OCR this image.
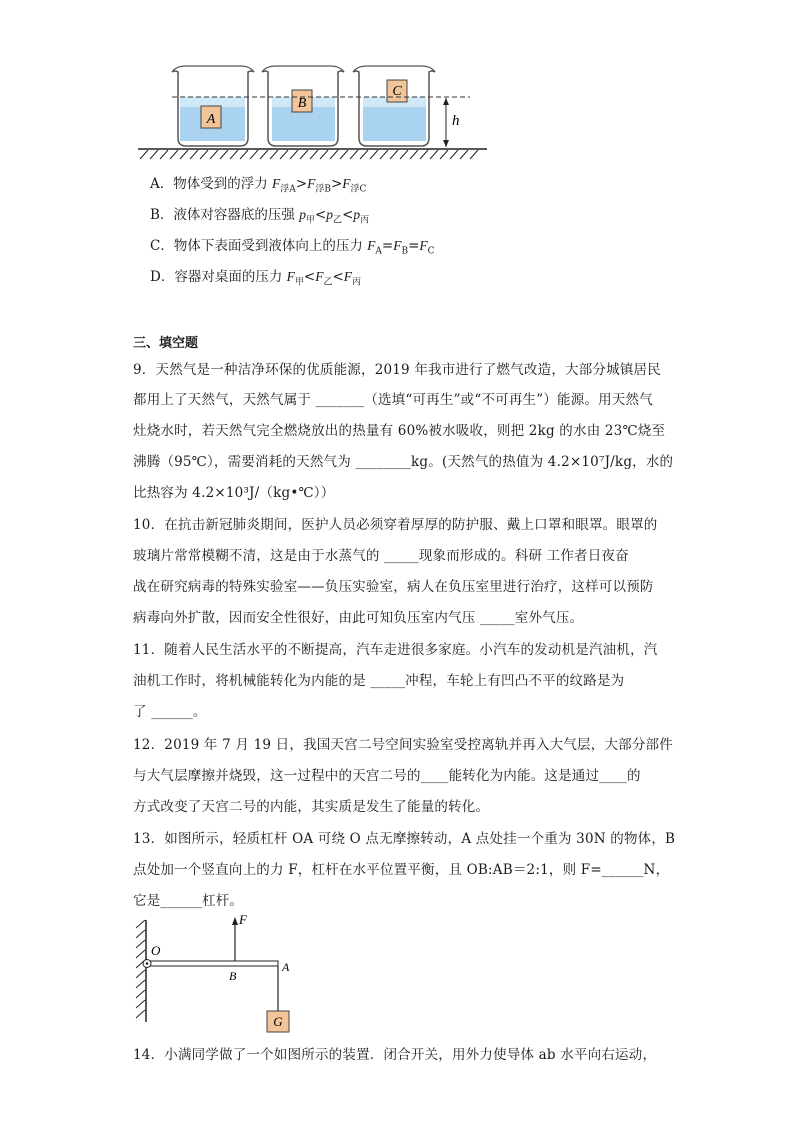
A
B
C
h
A．物体受到的浮力 $F_{浮A}>F_{浮B}>F_{浮C}$
B．液体对容器底的压强 $p_甲<p_乙<p_丙$
C．物体下表面受到液体向上的压力 $F_A=F_B=F_C$
D．容器对桌面的压力 $F_甲<F_乙<F_丙$
三、填空题
9．天然气是一种洁净环保的优质能源，2019 年我市进行了燃气改造，大部分城镇居民
都用上了天然气，天然气属于 _______（选填“可再生”或“不可再生”）能源。用天然气
灶烧水时，若天然气完全燃烧放出的热量有 60%被水吸收，则把 2kg 的水由 23℃烧至
沸腾（95℃），需要消耗的天然气为 ________kg。(天然气的热值为 4.2×10⁷J/kg，水的
比热容为 4.2×10³J/（kg•℃））
10．在抗击新冠肺炎期间，医护人员必须穿着厚厚的防护服、戴上口罩和眼罩。眼罩的
玻璃片常常模糊不清，这是由于水蒸气的 _____现象而形成的。科研 工作者日夜奋
战在研究病毒的特殊实验室——负压实验室，病人在负压室里进行治疗，这样可以预防
病毒向外扩散，因而安全性很好，由此可知负压室内气压 _____室外气压。
11．随着人民生活水平的不断提高，汽车走进很多家庭。小汽车的发动机是汽油机，汽
油机工作时，将机械能转化为内能的是 _____冲程，车轮上有凹凸不平的纹路是为
了 ______。
12．2019 年 7 月 19 日，我国天宫二号空间实验室受控离轨并再入大气层，大部分部件
与大气层摩擦并烧毁，这一过程中的天宫二号的____能转化为内能。这是通过____的
方式改变了天宫二号的内能，其实质是发生了能量的转化。
13．如图所示，轻质杠杆 OA 可绕 O 点无摩擦转动，A 点处挂一个重为 30N 的物体，B
点处加一个竖直向上的力 F，杠杆在水平位置平衡，且 OB:AB＝2:1，则 F=______N，
它是______杠杆。
O
F
B
A
G
14．小满同学做了一个如图所示的装置．闭合开关，用外力使导体 ab 水平向右运动，
